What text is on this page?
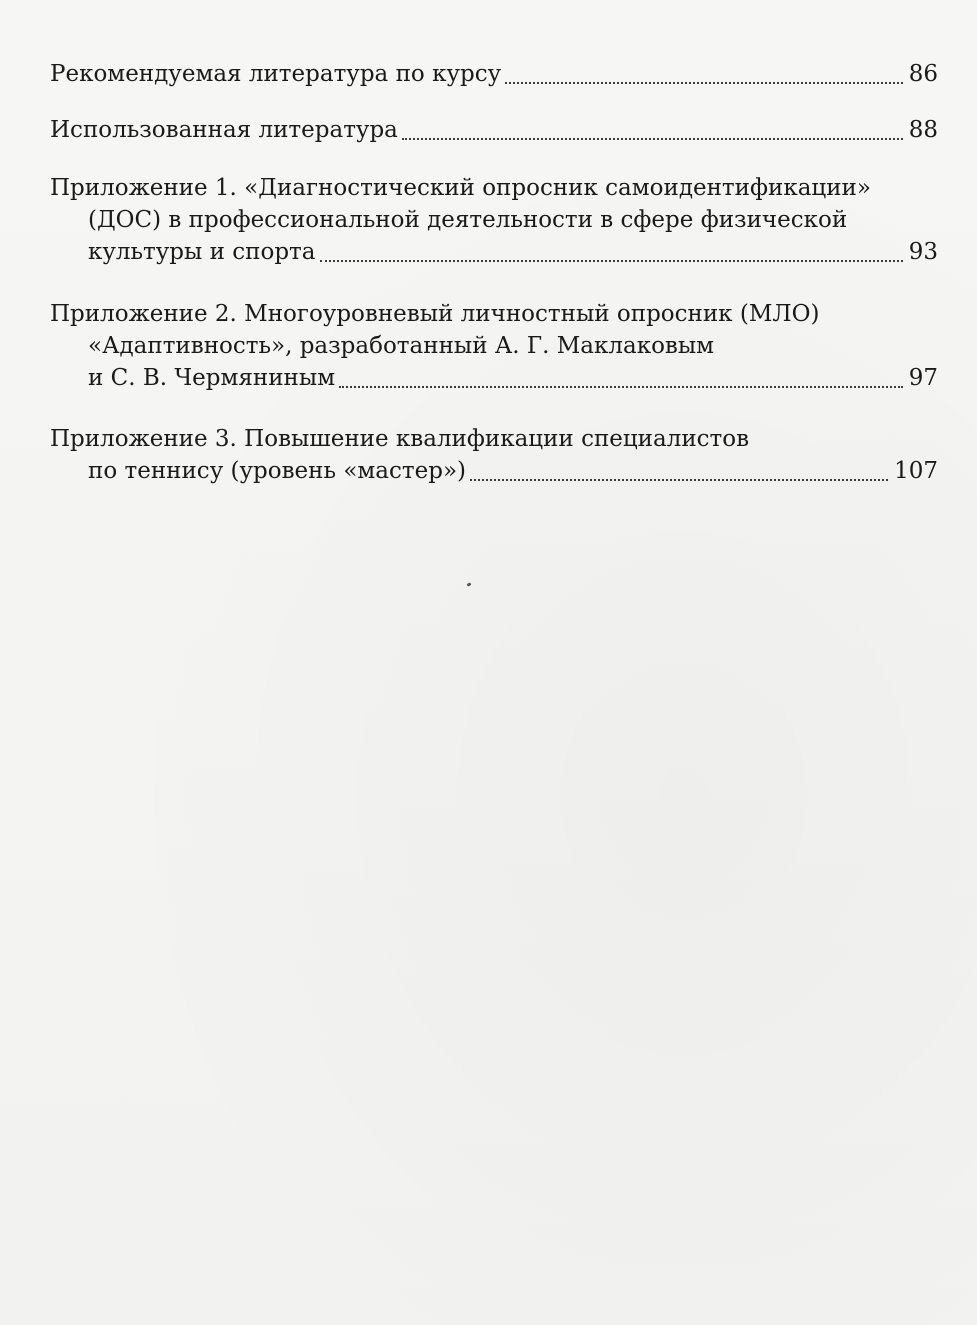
Рекомендуемая литература по курсу	86
Использованная литература	88
Приложение 1. «Диагностический опросник самоидентификации»
(ДОС) в профессиональной деятельности в сфере физической
культуры и спорта	93
Приложение 2. Многоуровневый личностный опросник (МЛО)
«Адаптивность», разработанный А. Г. Маклаковым
и С. В. Чермяниным	97
Приложение 3. Повышение квалификации специалистов
по теннису (уровень «мастер»)	107
